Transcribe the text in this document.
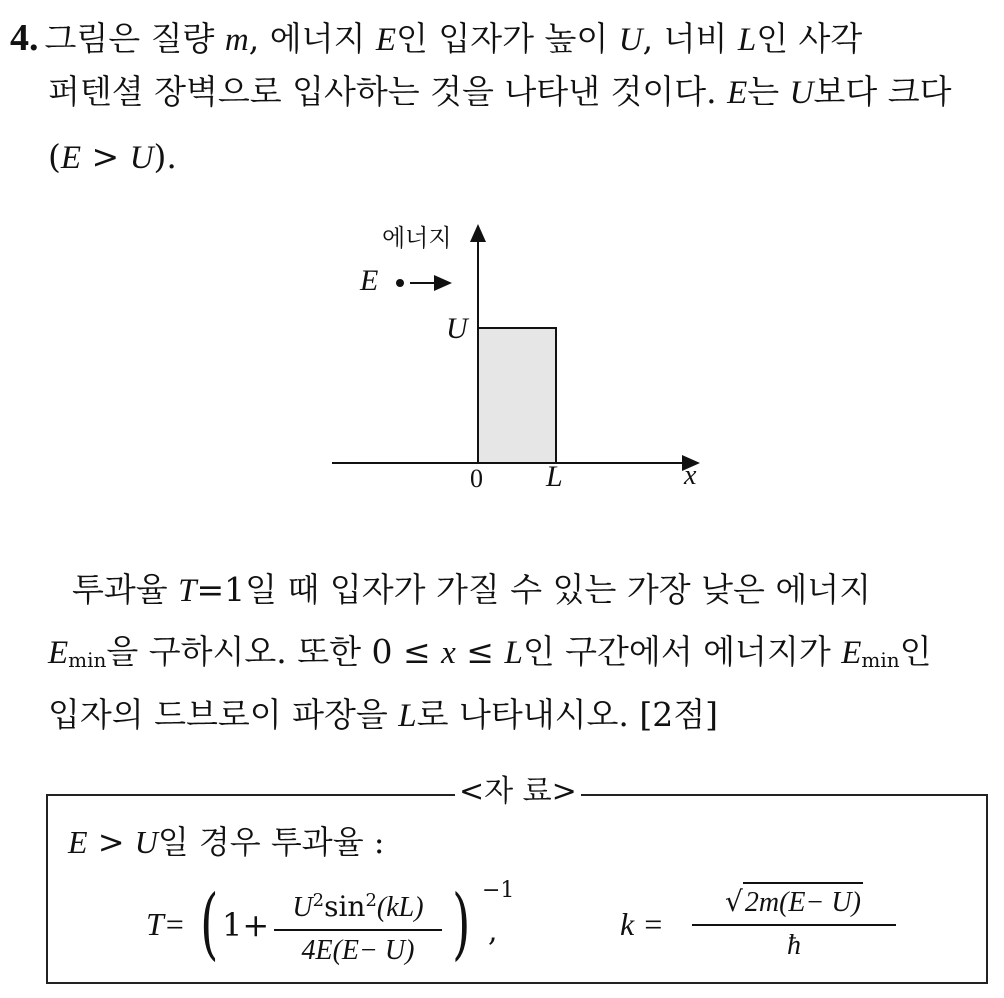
4. 그림은 질량 m, 에너지 E인 입자가 높이 U, 너비 L인 사각
퍼텐셜 장벽으로 입사하는 것을 나타낸 것이다. E는 U보다 크다
(E > U).
에너지
E
U
0 L	x
투과율 T=1일 때 입자가 가질 수 있는 가장 낮은 에너지
$E_{min}$을 구하시오. 또한 0 ≤ x ≤ L인 구간에서 에너지가 $E_{min}$인
입자의 드브로이 파장을 L로 나타내시오. [2점]
<자 료>
E > U일 경우 투과율 :
T= ( $1+ U^2\sin^2(kL)$
4E(E− U) ) −1
,	k =
√2m(E− U)
ħ
